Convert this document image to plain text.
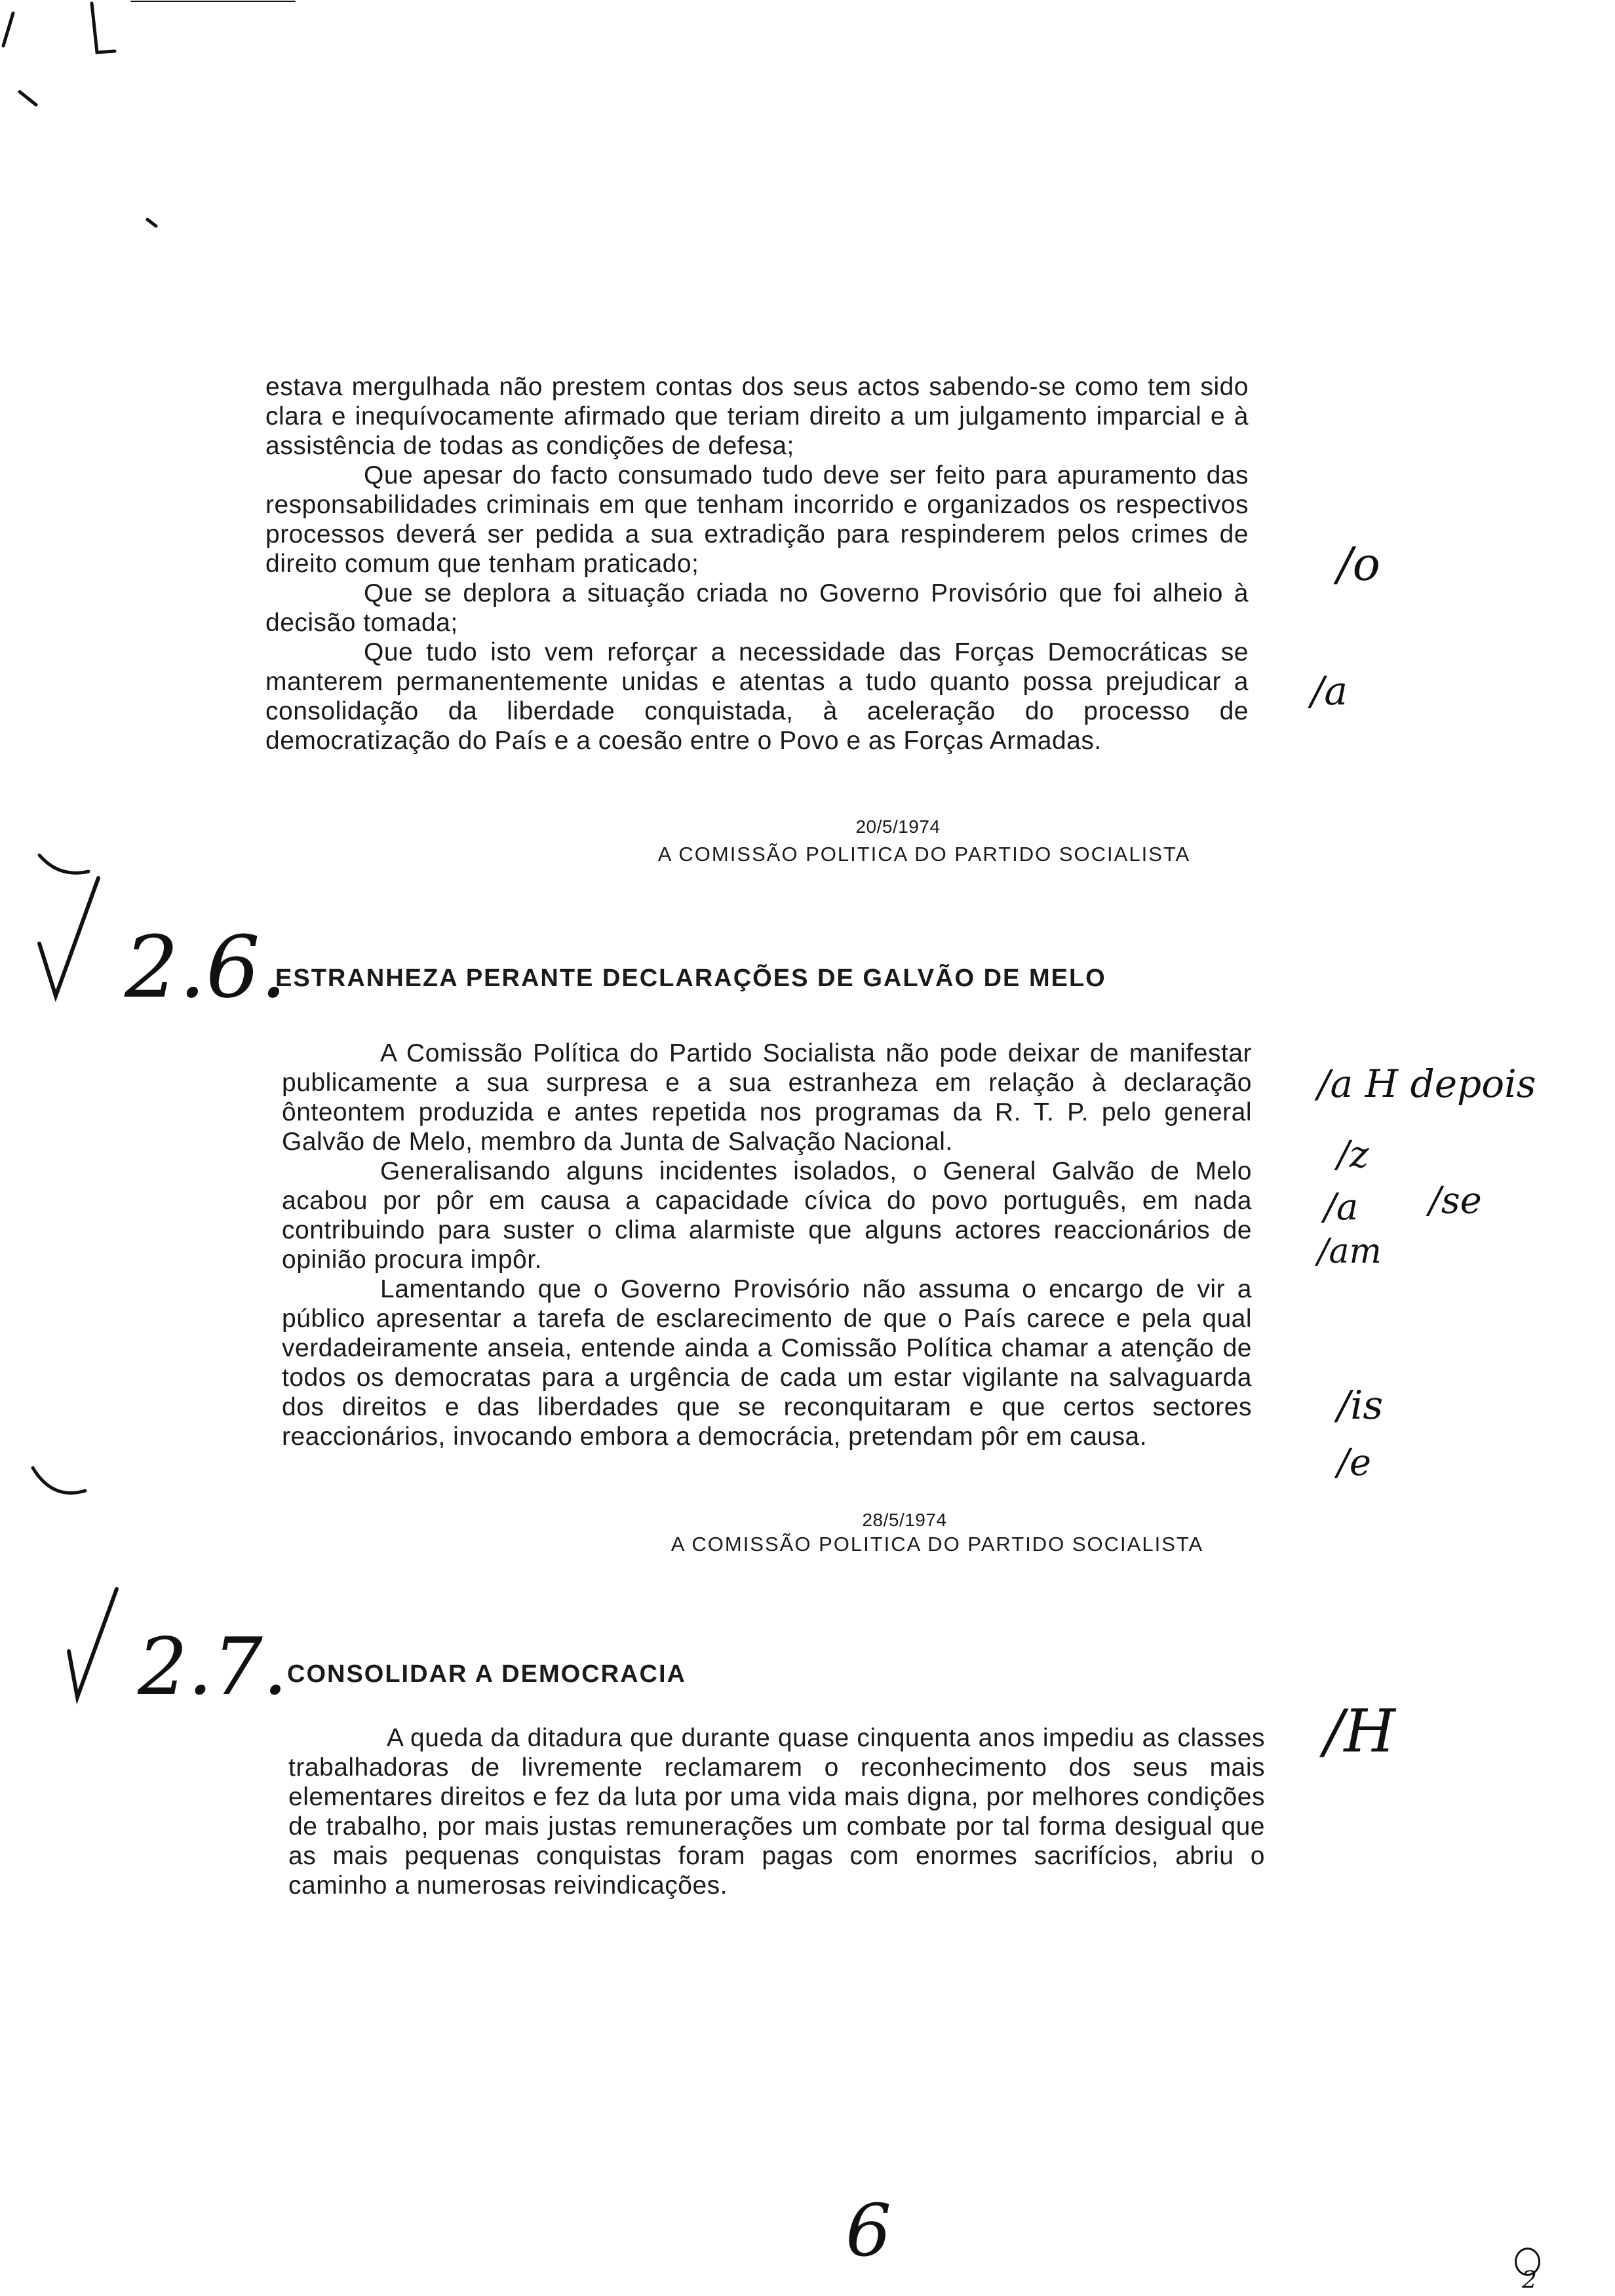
estava mergulhada não prestem contas dos seus actos sabendo-se como tem sido clara e inequívocamente afirmado que teriam direito a um julgamento imparcial e à assistência de todas as condições de defesa;

Que apesar do facto consumado tudo deve ser feito para apuramento das responsabilidades criminais em que tenham incorrido e organizados os respectivos processos deverá ser pedida a sua extradição para respinderem pelos crimes de direito comum que tenham praticado;

Que se deplora a situação criada no Governo Provisório que foi alheio à decisão tomada;

Que tudo isto vem reforçar a necessidade das Forças Democráticas se manterem permanentemente unidas e atentas a tudo quanto possa prejudicar a consolidação da liberdade conquistada, à aceleração do processo de democratização do País e a coesão entre o Povo e as Forças Armadas.

20/5/1974
A COMISSÃO POLITICA DO PARTIDO SOCIALISTA
2.6.
ESTRANHEZA PERANTE DECLARAÇÕES DE GALVÃO DE MELO

A Comissão Política do Partido Socialista não pode deixar de manifestar publicamente a sua surpresa e a sua estranheza em relação à declaração ônteontem produzida e antes repetida nos programas da R. T. P. pelo general Galvão de Melo, membro da Junta de Salvação Nacional.

Generalisando alguns incidentes isolados, o General Galvão de Melo acabou por pôr em causa a capacidade cívica do povo português, em nada contribuindo para suster o clima alarmiste que alguns actores reaccionários de opinião procura impôr.

Lamentando que o Governo Provisório não assuma o encargo de vir a público apresentar a tarefa de esclarecimento de que o País carece e pela qual verdadeiramente anseia, entende ainda a Comissão Política chamar a atenção de todos os democratas para a urgência de cada um estar vigilante na salvaguarda dos direitos e das liberdades que se reconquitaram e que certos sectores reaccionários, invocando embora a democrácia, pretendam pôr em causa.

28/5/1974
A COMISSÃO POLITICA DO PARTIDO SOCIALISTA
2.7. CONSOLIDAR A DEMOCRACIA

A queda da ditadura que durante quase cinquenta anos impediu as classes trabalhadoras de livremente reclamarem o reconhecimento dos seus mais elementares direitos e fez da luta por uma vida mais digna, por melhores condições de trabalho, por mais justas remunerações um combate por tal forma desigual que as mais pequenas conquistas foram pagas com enormes sacrifícios, abriu o caminho a numerosas reivindicações.

/o
/a
/a H depois
/z
/a /se
/am
/is
/e
/H
6
2
